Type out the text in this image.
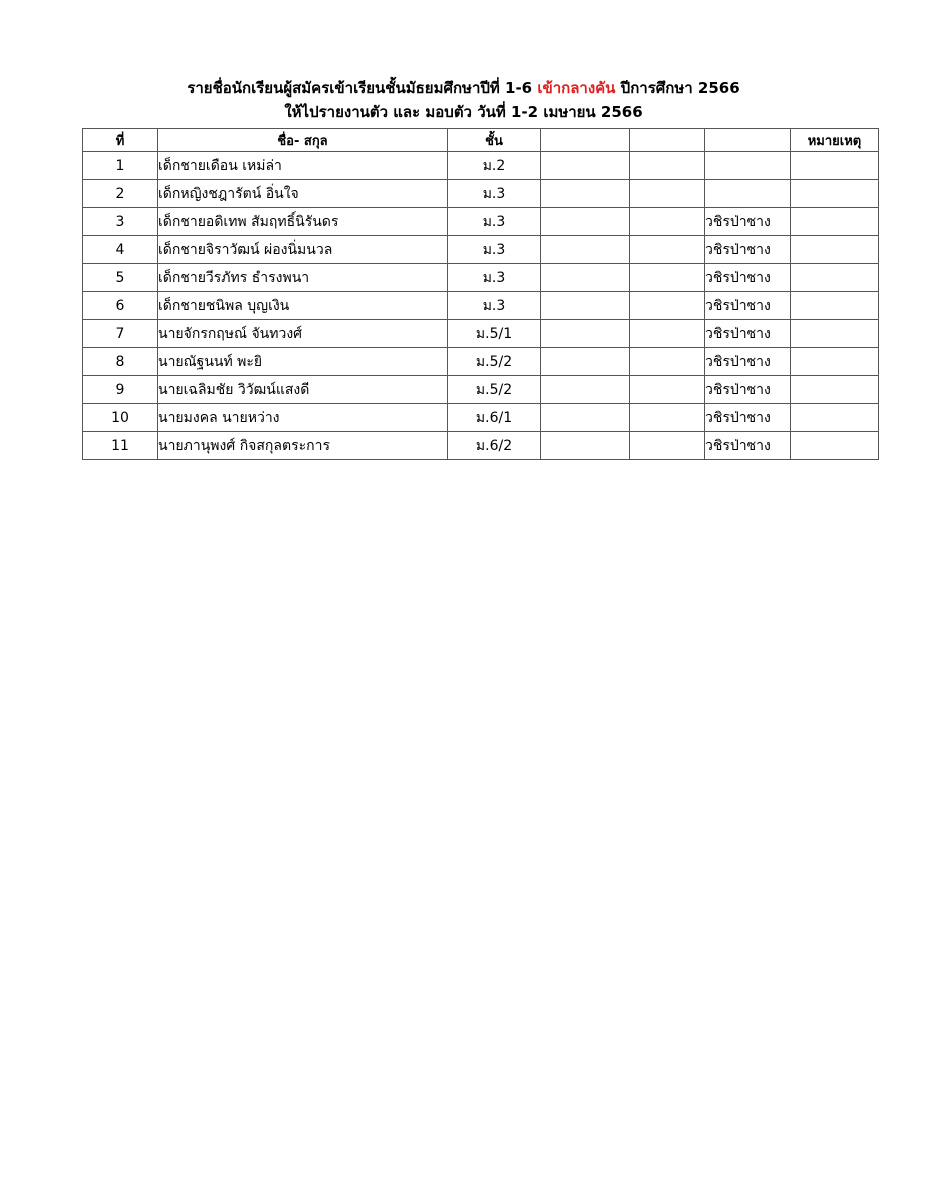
รายชื่อนักเรียนผู้สมัครเข้าเรียนชั้นมัธยมศึกษาปีที่ 1-6 เข้ากลางคัน ปีการศึกษา 2566
ให้ไปรายงานตัว และ มอบตัว วันที่ 1-2 เมษายน 2566
ที่	ชื่อ- สกุล	ชั้น				หมายเหตุ
1	เด็กชายเดือน เหม่ล่า	ม.2				
2	เด็กหญิงชฎารัตน์ อิ่นใจ	ม.3				
3	เด็กชายอดิเทพ สัมฤทธิ์นิรันดร	ม.3			วชิรป่าซาง	
4	เด็กชายจิราวัฒน์ ผ่องนิ่มนวล	ม.3			วชิรป่าซาง	
5	เด็กชายวีรภัทร ธำรงพนา	ม.3			วชิรป่าซาง	
6	เด็กชายชนิพล บุญเงิน	ม.3			วชิรป่าซาง	
7	นายจักรกฤษณ์ จันทวงศ์	ม.5/1			วชิรป่าซาง	
8	นายณัฐนนท์ พะยิ	ม.5/2			วชิรป่าซาง	
9	นายเฉลิมชัย วิวัฒน์แสงดี	ม.5/2			วชิรป่าซาง	
10	นายมงคล นายหว่าง	ม.6/1			วชิรป่าซาง	
11	นายภานุพงศ์ กิจสกุลตระการ	ม.6/2			วชิรป่าซาง	
